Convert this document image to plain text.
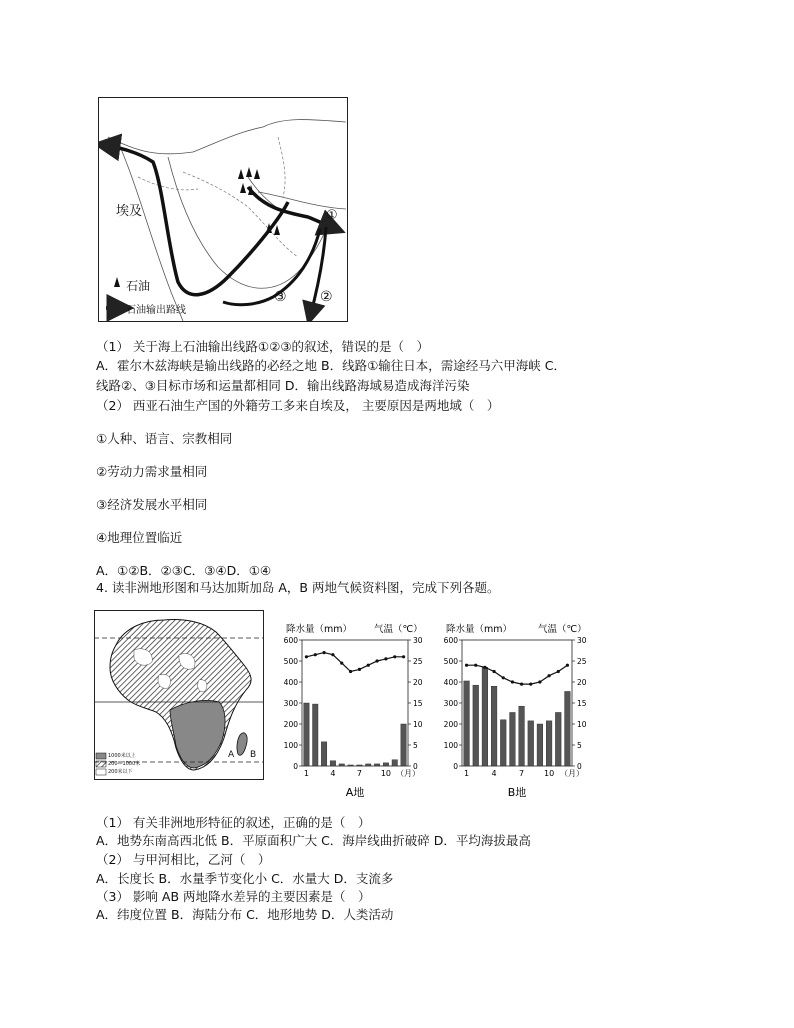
埃及
石油
石油输出路线
①
②
③
（1） 关于海上石油输出线路①②③的叙述，错误的是（　）
A．霍尔木兹海峡是输出线路的必经之地 B．线路①输往日本，需途经马六甲海峡 C．
线路②、③目标市场和运量都相同 D．输出线路海域易造成海洋污染
（2） 西亚石油生产国的外籍劳工多来自埃及， 主要原因是两地域（　）
①人种、语言、宗教相同
②劳动力需求量相同
③经济发展水平相同
④地理位置临近
A．①②B．②③C．③④D．①④
4. 读非洲地形图和马达加斯加岛 A，B 两地气候资料图，完成下列各题。
1000米以上
200—1000米
200米以下
A B
降水量（mm） 气温（℃）
0
100
200
300
400
500
600
0
5
10
15
20
25
30
1	4	7 10 （月）
A地
降水量（mm）	气温（℃）
0
100
200
300
400
500
600
0
5
10
15
20
25
30
1	4	7 10 （月）
B地
（1） 有关非洲地形特征的叙述，正确的是（　）
A．地势东南高西北低 B．平原面积广大 C．海岸线曲折破碎 D．平均海拔最高
（2） 与甲河相比，乙河（　）
A．长度长 B．水量季节变化小 C．水量大 D．支流多
（3） 影响 AB 两地降水差异的主要因素是（　）
A．纬度位置 B．海陆分布 C．地形地势 D．人类活动
